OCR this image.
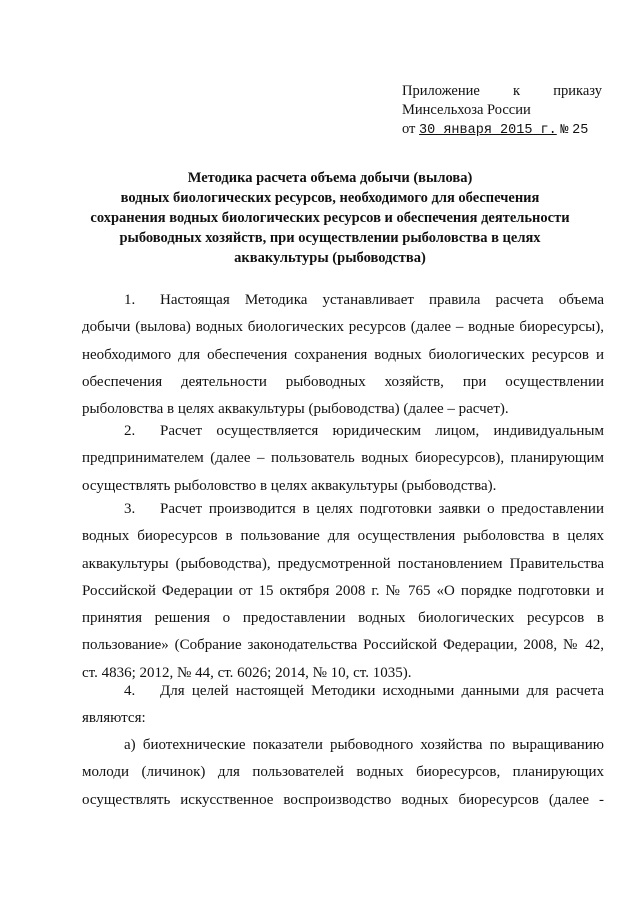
Приложение к приказу
Минсельхоза России
от 30 января 2015 г. № 25
Методика расчета объема добычи (вылова)
водных биологических ресурсов, необходимого для обеспечения
сохранения водных биологических ресурсов и обеспечения деятельности
рыбоводных хозяйств, при осуществлении рыболовства в целях
аквакультуры (рыбоводства)
1. Настоящая Методика устанавливает правила расчета объема
добычи (вылова) водных биологических ресурсов (далее – водные биоресурсы),
необходимого для обеспечения сохранения водных биологических ресурсов и
обеспечения деятельности рыбоводных хозяйств, при осуществлении
рыболовства в целях аквакультуры (рыбоводства) (далее – расчет).
2. Расчет осуществляется юридическим лицом, индивидуальным
предпринимателем (далее – пользователь водных биоресурсов), планирующим
осуществлять рыболовство в целях аквакультуры (рыбоводства).
3. Расчет производится в целях подготовки заявки о предоставлении
водных биоресурсов в пользование для осуществления рыболовства в целях
аквакультуры (рыбоводства), предусмотренной постановлением Правительства
Российской Федерации от 15 октября 2008 г. № 765 «О порядке подготовки и
принятия решения о предоставлении водных биологических ресурсов в
пользование» (Собрание законодательства Российской Федерации, 2008, № 42,
ст. 4836; 2012, № 44, ст. 6026; 2014, № 10, ст. 1035).
4. Для целей настоящей Методики исходными данными для расчета
являются:
а) биотехнические показатели рыбоводного хозяйства по выращиванию
молоди (личинок) для пользователей водных биоресурсов, планирующих
осуществлять искусственное воспроизводство водных биоресурсов (далее -
